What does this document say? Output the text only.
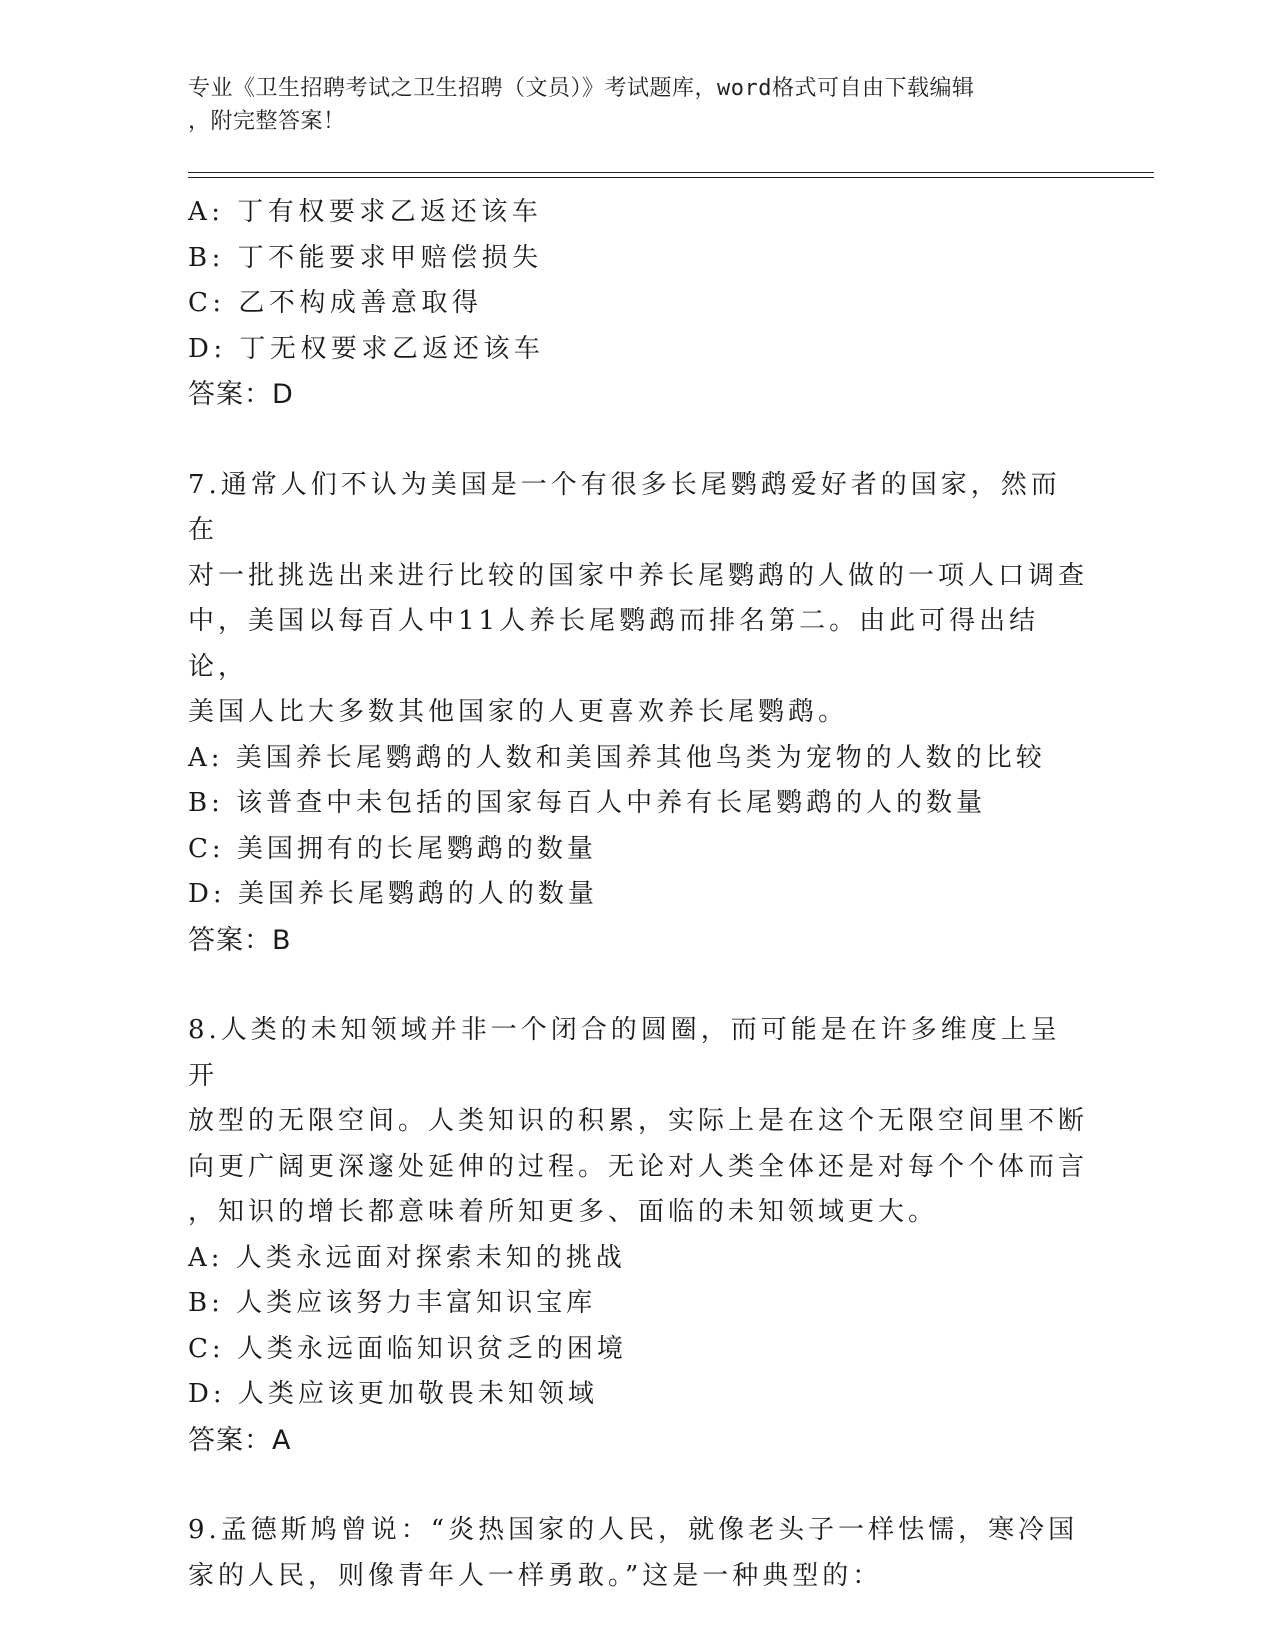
专业《卫生招聘考试之卫生招聘（文员）》考试题库，word格式可自由下载编辑
，附完整答案！
A: 丁有权要求乙返还该车
B: 丁不能要求甲赔偿损失
C: 乙不构成善意取得
D: 丁无权要求乙返还该车
答案：D
7.通常人们不认为美国是一个有很多长尾鹦鹉爱好者的国家，然而在
对一批挑选出来进行比较的国家中养长尾鹦鹉的人做的一项人口调查
中，美国以每百人中11人养长尾鹦鹉而排名第二。由此可得出结论，
美国人比大多数其他国家的人更喜欢养长尾鹦鹉。
A: 美国养长尾鹦鹉的人数和美国养其他鸟类为宠物的人数的比较
B: 该普查中未包括的国家每百人中养有长尾鹦鹉的人的数量
C: 美国拥有的长尾鹦鹉的数量
D: 美国养长尾鹦鹉的人的数量
答案：B
8.人类的未知领域并非一个闭合的圆圈，而可能是在许多维度上呈开
放型的无限空间。人类知识的积累，实际上是在这个无限空间里不断
向更广阔更深邃处延伸的过程。无论对人类全体还是对每个个体而言
，知识的增长都意味着所知更多、面临的未知领域更大。
A: 人类永远面对探索未知的挑战
B: 人类应该努力丰富知识宝库
C: 人类永远面临知识贫乏的困境
D: 人类应该更加敬畏未知领域
答案：A
9.孟德斯鸠曾说：“炎热国家的人民，就像老头子一样怯懦，寒冷国
家的人民，则像青年人一样勇敢。”这是一种典型的：
